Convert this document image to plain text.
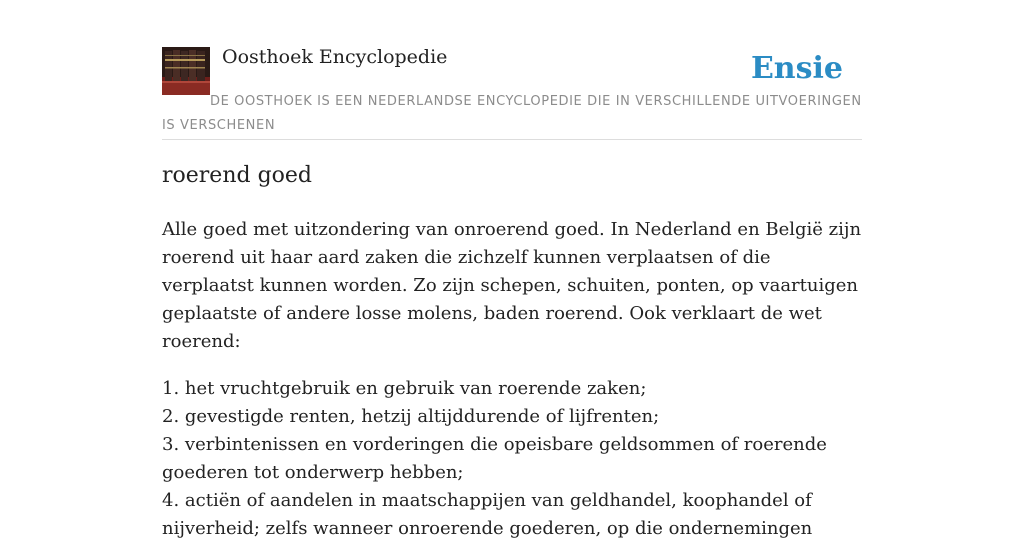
Oosthoek Encyclopedie	Ensie
DE OOSTHOEK IS EEN NEDERLANDSE ENCYCLOPEDIE DIE IN VERSCHILLENDE UITVOERINGEN IS VERSCHENEN
roerend goed

Alle goed met uitzondering van onroerend goed. In Nederland en België zijn roerend uit haar aard zaken die zichzelf kunnen verplaatsen of die verplaatst kunnen worden. Zo zijn schepen, schuiten, ponten, op vaartuigen geplaatste of andere losse molens, baden roerend. Ook verklaart de wet roerend:

1. het vruchtgebruik en gebruik van roerende zaken;
2. gevestigde renten, hetzij altijddurende of lijfrenten;
3. verbintenissen en vorderingen die opeisbare geldsommen of roerende goederen tot onderwerp hebben;
4. actiën of aandelen in maatschappijen van geldhandel, koophandel of nijverheid; zelfs wanneer onroerende goederen, op die ondernemingen
